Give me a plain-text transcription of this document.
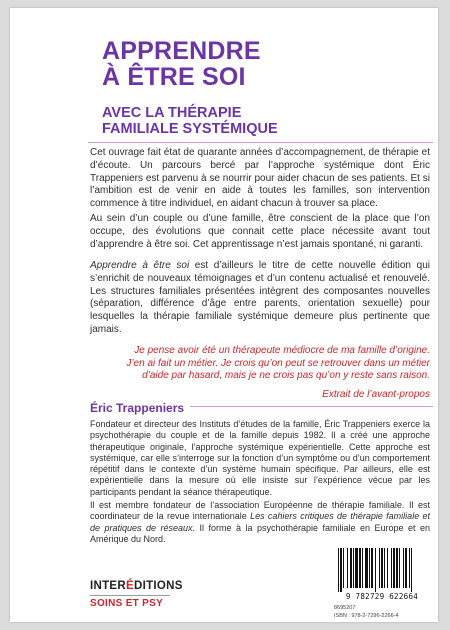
APPRENDRE
À ÊTRE SOI
AVEC LA THÉRAPIE
FAMILIALE SYSTÉMIQUE

Cet ouvrage fait état de quarante années d’accompagnement, de thérapie et d’écoute. Un parcours bercé par l’approche systémique dont Éric Trappeniers est parvenu à se nourrir pour aider chacun de ses patients. Et si l’ambition est de venir en aide à toutes les familles, son intervention commence à titre individuel, en aidant chacun à trouver sa place.

Au sein d’un couple ou d’une famille, être conscient de la place que l’on occupe, des évolutions que connait cette place nécessite avant tout d’apprendre à être soi. Cet apprentissage n’est jamais spontané, ni garanti.

Apprendre à être soi est d’ailleurs le titre de cette nouvelle édition qui s’enrichit de nouveaux témoignages et d’un contenu actualisé et renouvelé. Les structures familiales présentées intègrent des composantes nouvelles (séparation, différence d’âge entre parents, orientation sexuelle) pour lesquelles la thérapie familiale systémique demeure plus pertinente que jamais.

Je pense avoir été un thérapeute médiocre de ma famille d’origine.
J’en ai fait un métier. Je crois qu’on peut se retrouver dans un métier
d’aide par hasard, mais je ne crois pas qu’on y reste sans raison.
Extrait de l’avant-propos
Éric Trappeniers

Fondateur et directeur des Instituts d’études de la famille, Éric Trappeniers exerce la psychothérapie du couple et de la famille depuis 1982. Il a créé une approche thérapeutique originale, l’approche systémique expérientielle. Cette approche est systémique, car elle s’interroge sur la fonction d’un symptôme ou d’un comportement répétitif dans le contexte d’un système humain spécifique. Par ailleurs, elle est expérientielle dans la mesure où elle insiste sur l’expérience vécue par les participants pendant la séance thérapeutique.

Il est membre fondateur de l’association Européenne de thérapie familiale. Il est coordinateur de la revue internationale Les cahiers critiques de thérapie familiale et de pratiques de réseaux. Il forme à la psychothérapie familiale en Europe et en Amérique du Nord.

INTERÉDITIONS
SOINS ET PSY
9 782729 622664
8695207
ISBN : 978-2-7296-2266-4
